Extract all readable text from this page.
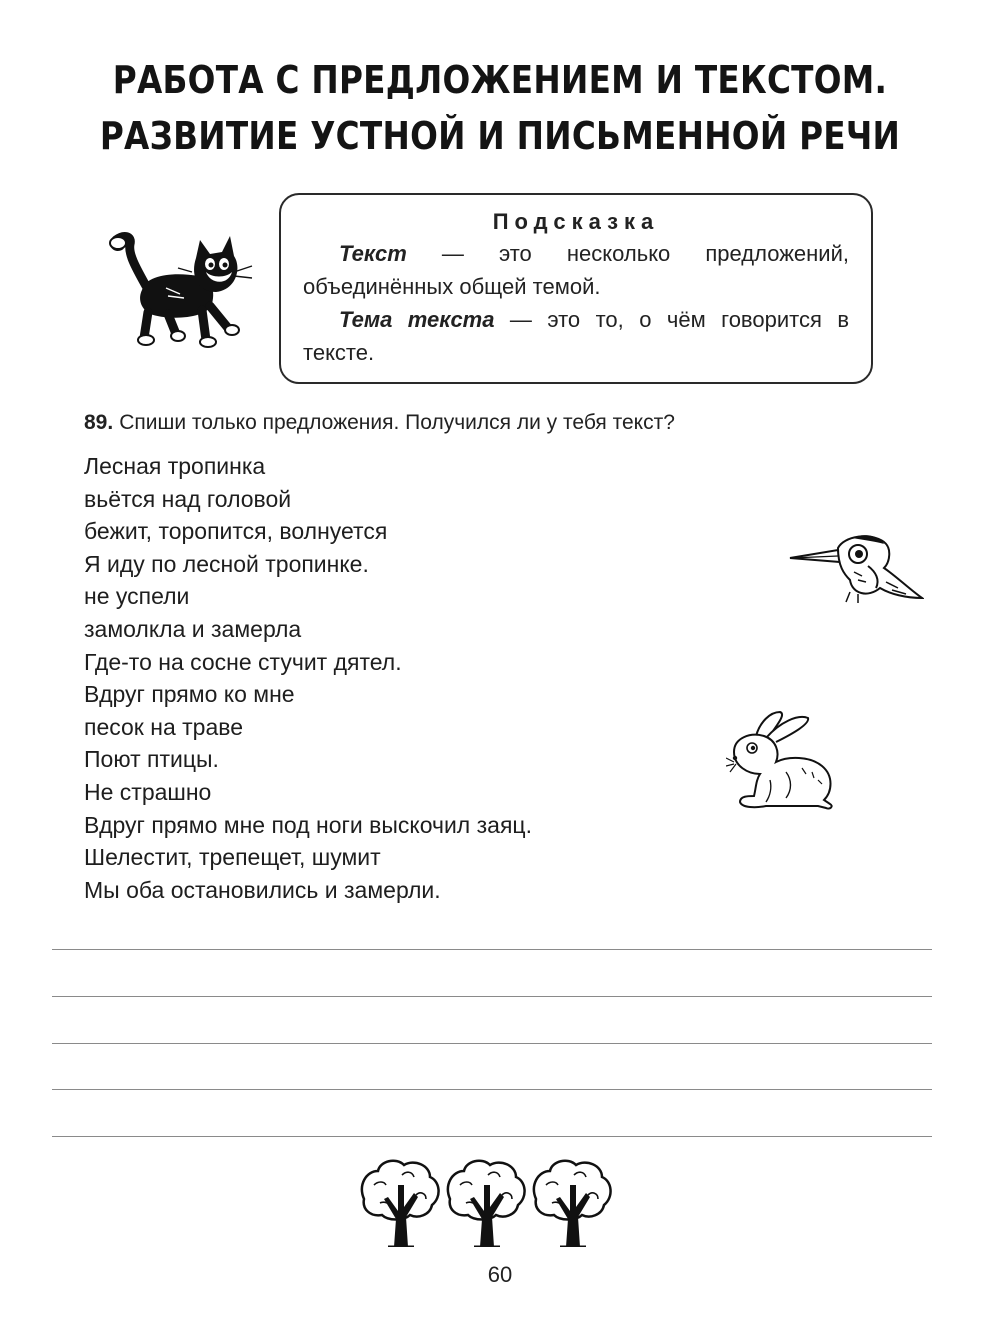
РАБОТА С ПРЕДЛОЖЕНИЕМ И ТЕКСТОМ.
РАЗВИТИЕ УСТНОЙ И ПИСЬМЕННОЙ РЕЧИ
Подсказка
Текст — это несколько предложений, объединённых общей темой.
Тема текста — это то, о чём говорится в тексте.
89. Спиши только предложения. Получился ли у тебя текст?
Лесная тропинка
вьётся над головой
бежит, торопится, волнуется
Я иду по лесной тропинке.
не успели
замолкла и замерла
Где-то на сосне стучит дятел.
Вдруг прямо ко мне
песок на траве
Поют птицы.
Не страшно
Вдруг прямо мне под ноги выскочил заяц.
Шелестит, трепещет, шумит
Мы оба остановились и замерли.
60
